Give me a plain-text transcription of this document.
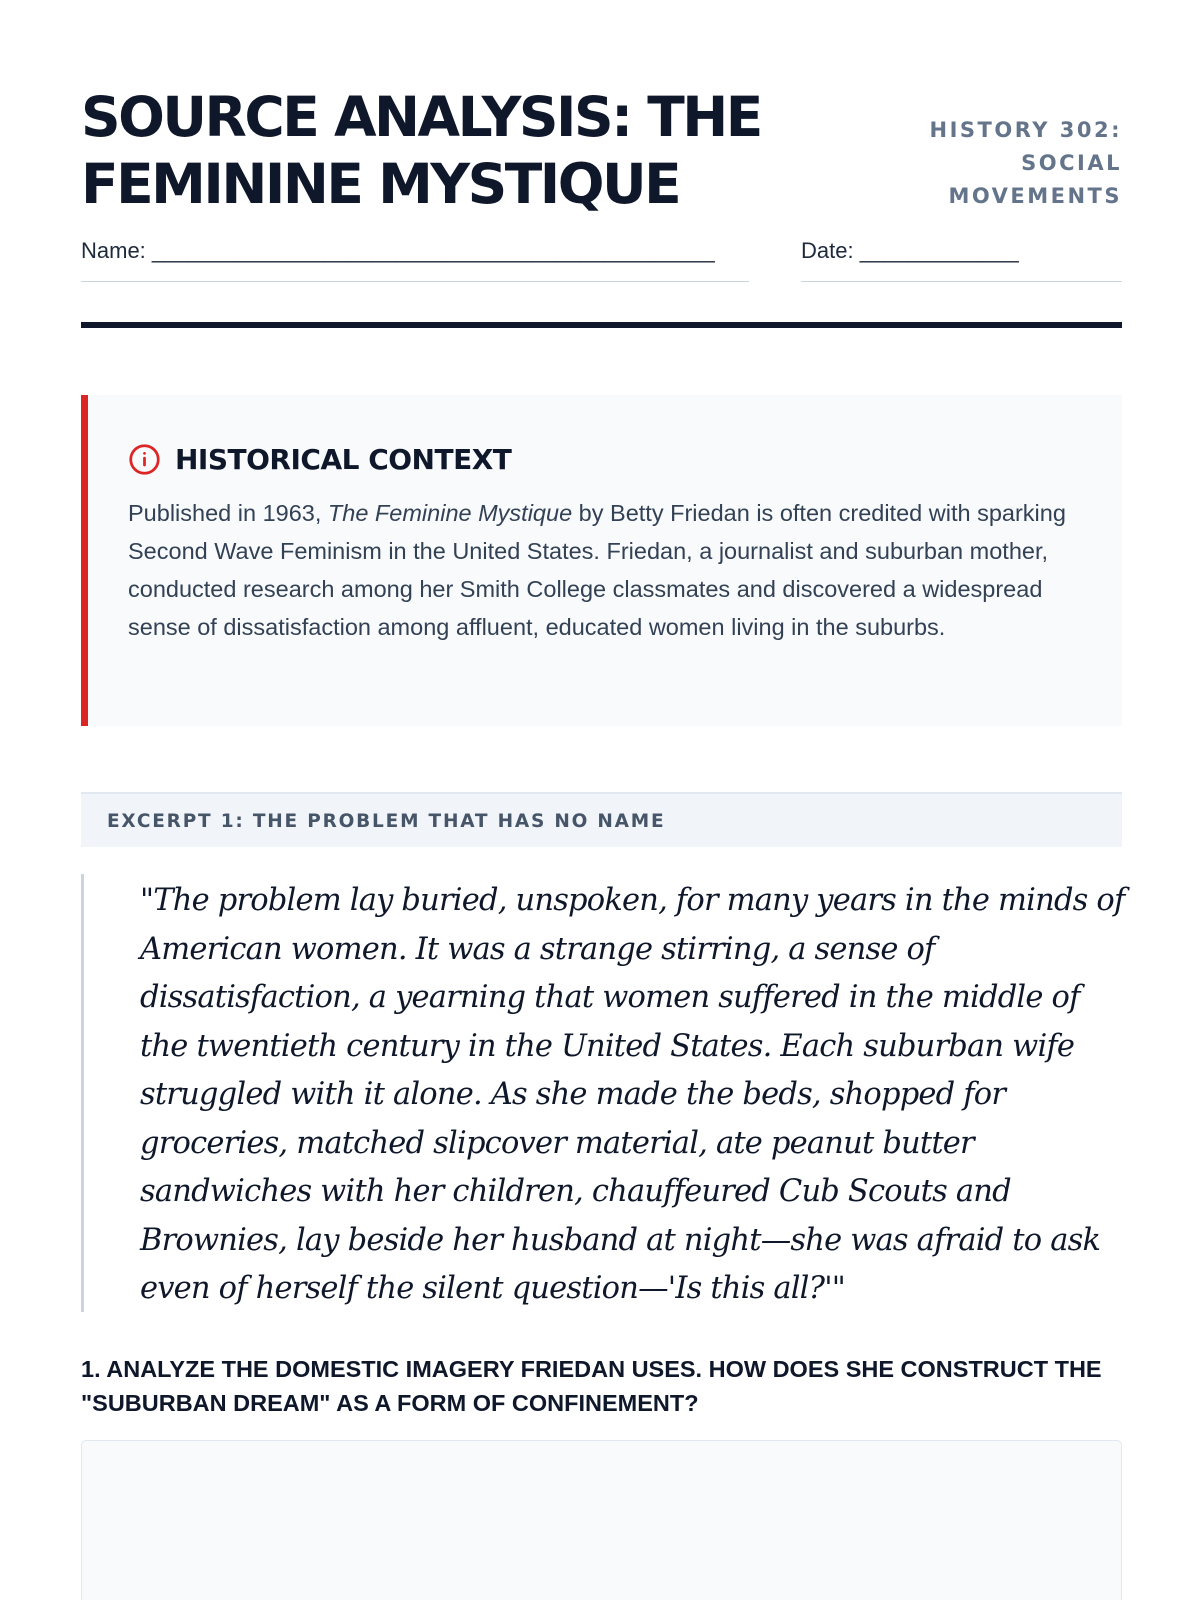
SOURCE ANALYSIS: THE FEMININE MYSTIQUE
HISTORY 302: SOCIAL MOVEMENTS
Name: ______________________________________________	Date: _____________
HISTORICAL CONTEXT

Published in 1963, The Feminine Mystique by Betty Friedan is often credited with sparking Second Wave Feminism in the United States. Friedan, a journalist and suburban mother, conducted research among her Smith College classmates and discovered a widespread sense of dissatisfaction among affluent, educated women living in the suburbs.

EXCERPT 1: THE PROBLEM THAT HAS NO NAME

"The problem lay buried, unspoken, for many years in the minds of American women. It was a strange stirring, a sense of dissatisfaction, a yearning that women suffered in the middle of the twentieth century in the United States. Each suburban wife struggled with it alone. As she made the beds, shopped for groceries, matched slipcover material, ate peanut butter sandwiches with her children, chauffeured Cub Scouts and Brownies, lay beside her husband at night—she was afraid to ask even of herself the silent question—'Is this all?'"

1. ANALYZE THE DOMESTIC IMAGERY FRIEDAN USES. HOW DOES SHE CONSTRUCT THE "SUBURBAN DREAM" AS A FORM OF CONFINEMENT?
